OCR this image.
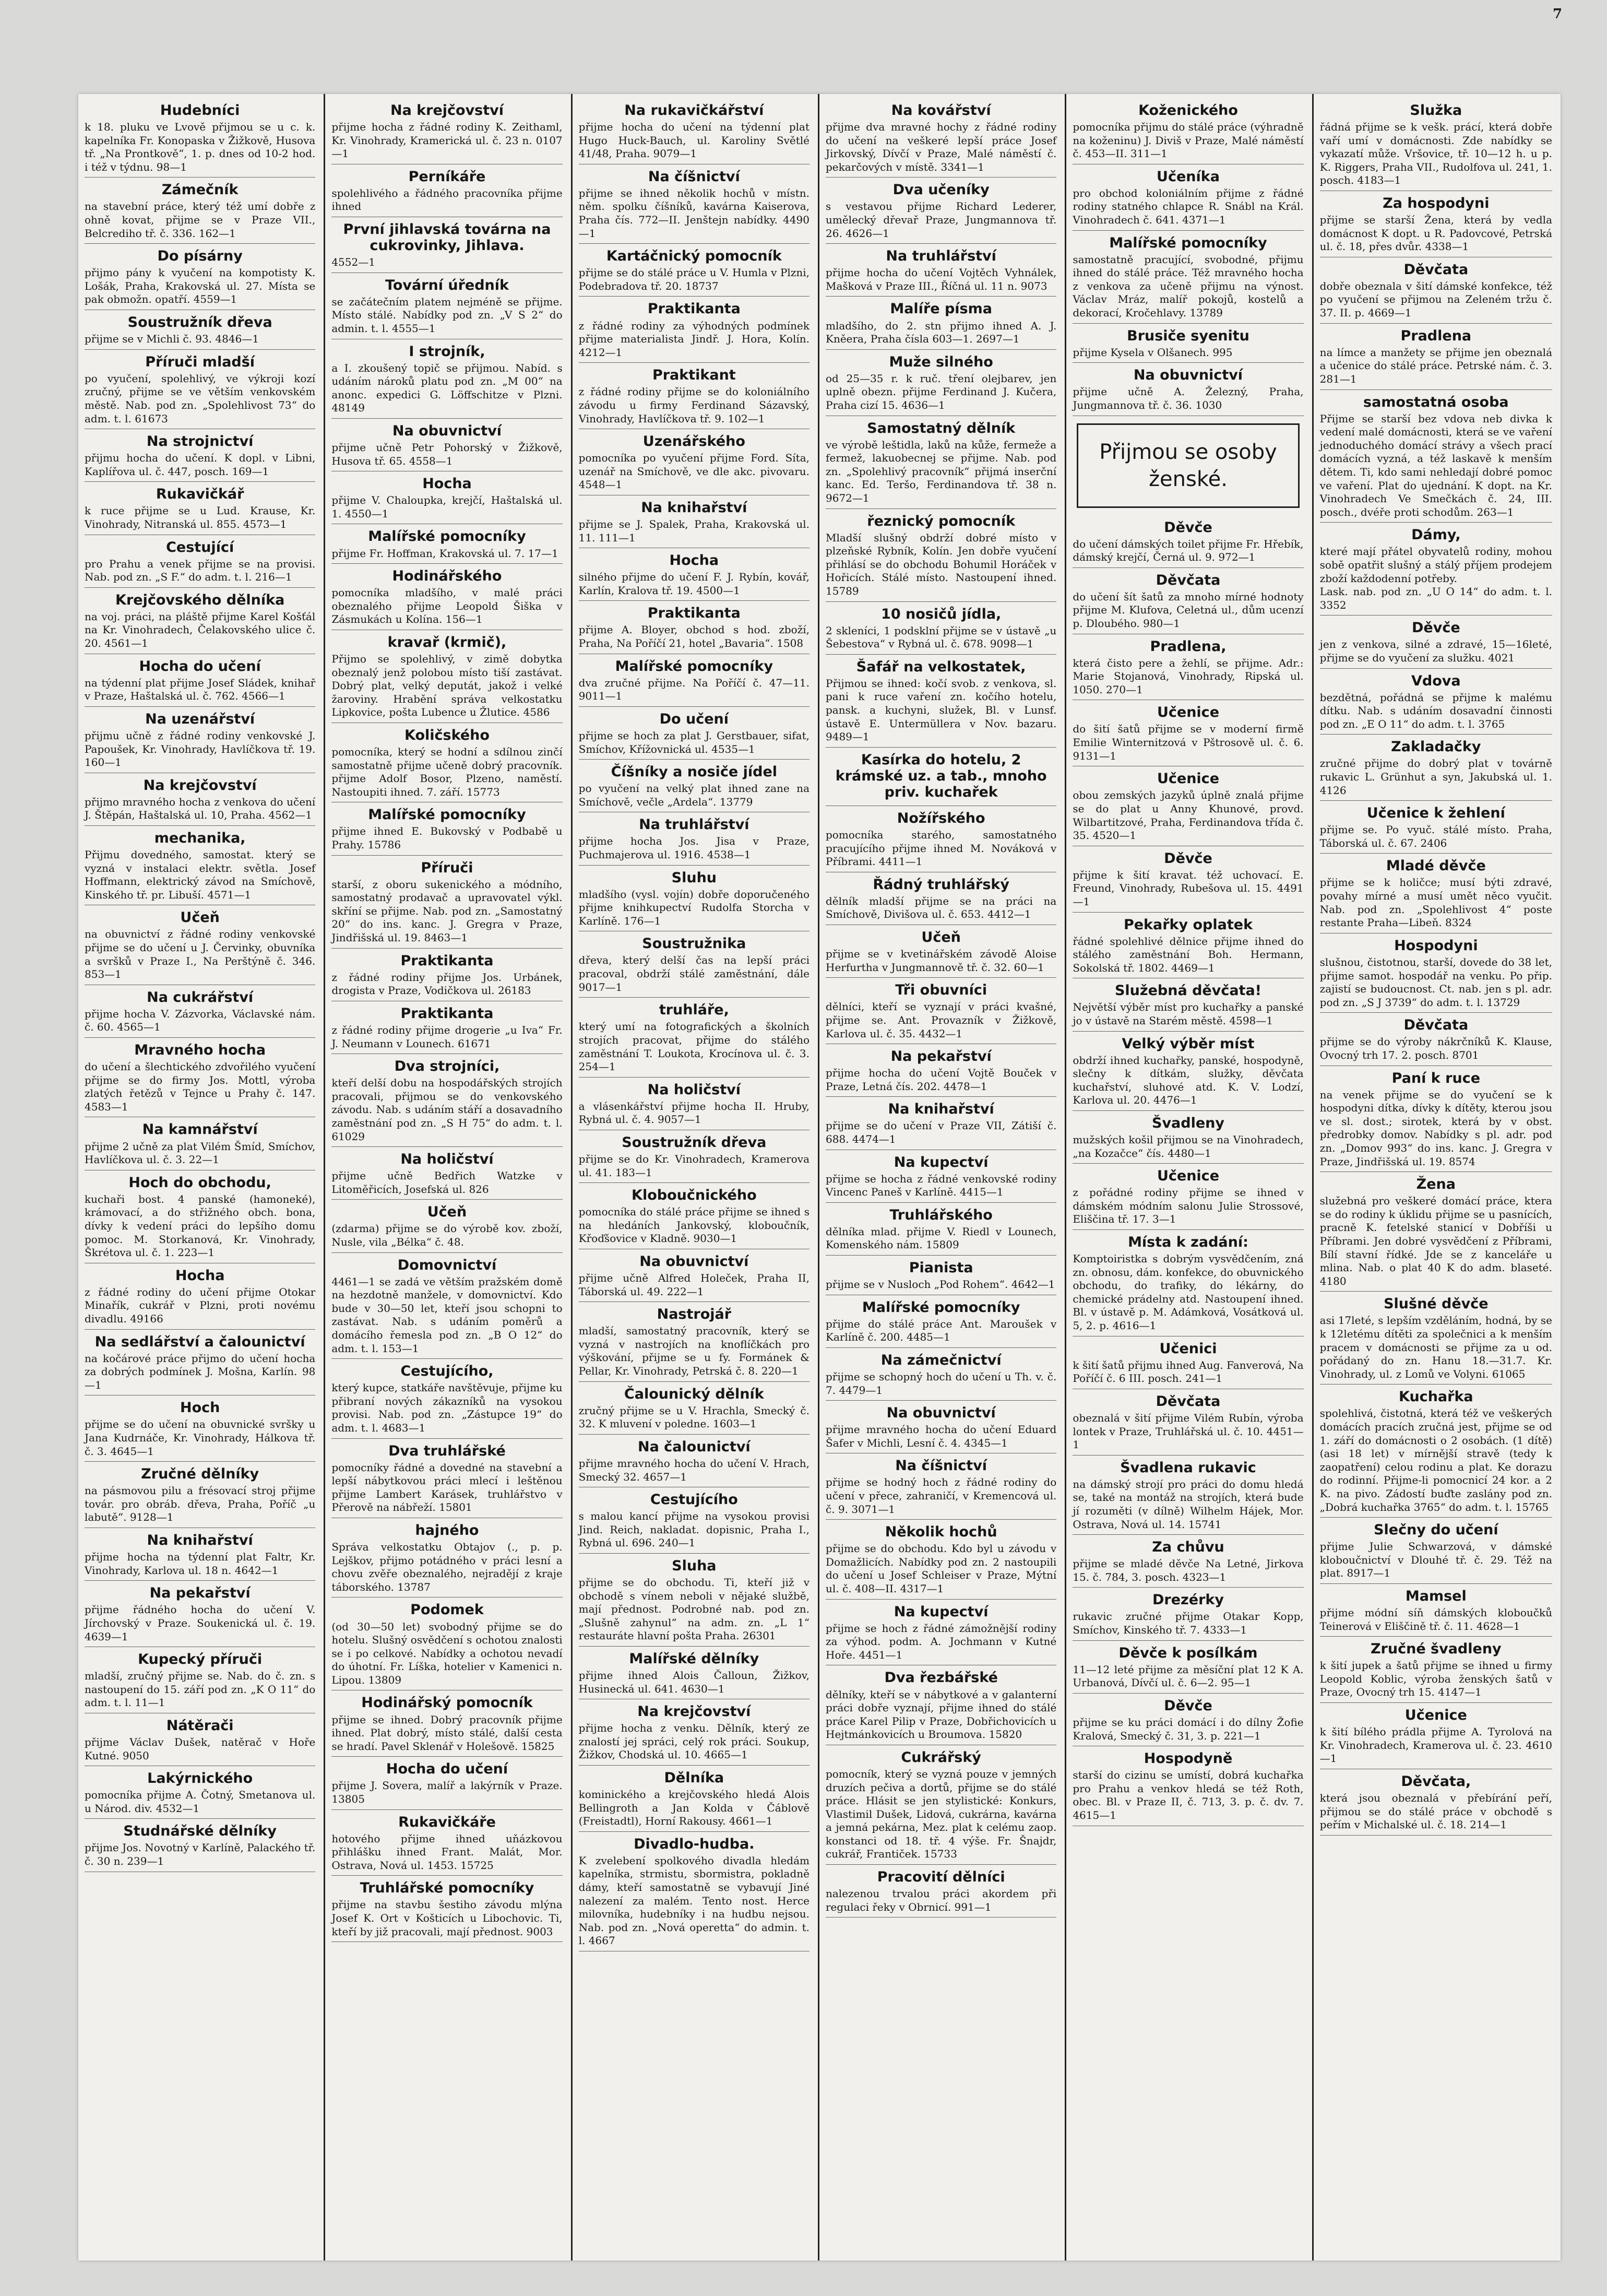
Hudebníci
k 18. pluku ve Lvově přijmou se u c. k. kapelníka Fr. Konopaska v Žižkově, Husova tř. „Na Prontkově“, 1. p. dnes od 10-2 hod. i též v týdnu. 98—1
Zámečník
na stavební práce, který též umí dobře z ohně kovat, přijme se v Praze VII., Belcrediho tř. č. 336. 162—1
Do písárny
přijmo pány k vyučení na kompotisty K. Lošák, Praha, Krakovská ul. 27. Místa se pak obmožn. opatří. 4559—1
Soustružník dřeva
přijme se v Michli č. 93. 4846—1
Příruči mladší
po vyučení, spolehlivý, ve výkroji kozí zručný, přijme se ve větším venkovském městě. Nab. pod zn. „Spolehlivost 73“ do adm. t. l. 61673
Na strojnictví
přijmu hocha do učení. K dopl. v Libni, Kaplířova ul. č. 447, posch. 169—1
Rukavičkář
k ruce přijme se u Lud. Krause, Kr. Vinohrady, Nitranská ul. 855. 4573—1
Cestující
pro Prahu a venek přijme se na provisi. Nab. pod zn. „S F.“ do adm. t. l. 216—1
Krejčovského dělníka
na voj. práci, na pláště přijme Karel Košťál na Kr. Vinohradech, Čelakovského ulice č. 20. 4561—1
Hocha do učení
na týdenní plat přijme Josef Sládek, knihař v Praze, Haštalská ul. č. 762. 4566—1
Na uzenářství
přijmu učně z řádné rodiny venkovské J. Papoušek, Kr. Vinohrady, Havlíčkova tř. 19. 160—1
Na krejčovství
přijmo mravného hocha z venkova do učení J. Štěpán, Haštalská ul. 10, Praha. 4562—1
mechanika,
Přijmu dovedného, samostat. který se vyzná v instalaci elektr. světla. Josef Hoffmann, elektrický závod na Smíchově, Kinského tř. pr. Libuší. 4571—1
Učeň
na obuvnictví z řádné rodiny venkovské přijme se do učení u J. Červinky, obuvníka a svršků v Praze I., Na Perštýně č. 346. 853—1
Na cukrářství
přijme hocha V. Zázvorka, Václavské nám. č. 60. 4565—1
Mravného hocha
do učení a šlechtického zdvořilého vyučení přijme se do firmy Jos. Mottl, výroba zlatých řetězů v Tejnce u Prahy č. 147. 4583—1
Na kamnářství
přijme 2 učně za plat Vilém Šmíd, Smíchov, Havlíčkova ul. č. 3. 22—1
Hoch do obchodu,
kuchaři bost. 4 panské (hamoneké), krámovací, a do střižného obch. bona, dívky k vedení práci do lepšího domu pomoc. M. Storkanová, Kr. Vinohrady, Škrétova ul. č. 1. 223—1
Hocha
z řádné rodiny do učení přijme Otokar Minařík, cukrář v Plzni, proti novému divadlu. 49166
Na sedlářství a čalounictví
na kočárové práce přijmo do učení hocha za dobrých podmínek J. Mošna, Karlín. 98—1
Hoch
přijme se do učení na obuvnické svršky u Jana Kudrnáče, Kr. Vinohrady, Hálkova tř. č. 3. 4645—1
Zručné dělníky
na pásmovou pilu a frésovací stroj přijme továr. pro obráb. dřeva, Praha, Poříč „u labutě“. 9128—1
Na knihařství
přijme hocha na týdenní plat Faltr, Kr. Vinohrady, Karlova ul. 18 n. 4642—1
Na pekařství
přijme řádného hocha do učení V. Jírchovský v Praze. Soukenická ul. č. 19. 4639—1
Kupecký příruči
mladší, zručný přijme se. Nab. do č. zn. s nastoupení do 15. září pod zn. „K O 11“ do adm. t. l. 11—1
Nátěrači
přijme Václav Dušek, natěrač v Hoře Kutné. 9050
Lakýrnického
pomocníka přijme A. Čotný, Smetanova ul. u Národ. div. 4532—1
Studnářské dělníky
přijme Jos. Novotný v Karlíně, Palackého tř. č. 30 n. 239—1
Na krejčovství
přijme hocha z řádné rodiny K. Zeithaml, Kr. Vinohrady, Kramerická ul. č. 23 n. 0107—1
Perníkáře
spolehlivého a řádného pracovníka přijme ihned
První jihlavská továrna na cukrovinky, Jihlava.
4552—1
Tovární úředník
se začátečním platem nejméně se přijme. Místo stálé. Nabídky pod zn. „V S 2“ do admin. t. l. 4555—1
I strojník,
a I. zkoušený topič se přijmou. Nabíd. s udáním nároků platu pod zn. „M 00“ na anonc. expedici G. Löffschitze v Plzni. 48149
Na obuvnictví
přijme učně Petr Pohorský v Žižkově, Husova tř. 65. 4558—1
Hocha
přijme V. Chaloupka, krejčí, Haštalská ul. 1. 4550—1
Malířské pomocníky
přijme Fr. Hoffman, Krakovská ul. 7. 17—1
Hodinářského
pomocníka mladšího, v malé práci obeznalého přijme Leopold Šiška v Zásmukách u Kolína. 156—1
kravař (krmič),
Přijmo se spolehlivý, v zimě dobytka obeznalý jenž polobou místo tiší zastávat. Dobrý plat, velký deputát, jakož i velké žaroviny. Hrabění správa velkostatku Lipkovice, pošta Lubence u Žlutice. 4586
Količského
pomocníka, který se hodní a sdílnou zinčí samostatně přijme učeně dobrý pracovník. přijme Adolf Bosor, Plzeno, naměstí. Nastoupiti ihned. 7. září. 15773
Malířské pomocníky
přijme ihned E. Bukovský v Podbabě u Prahy. 15786
Příruči
starší, z oboru sukenického a módního, samostatný prodavač a upravovatel výkl. skříní se přijme. Nab. pod zn. „Samostatný 20“ do ins. kanc. J. Gregra v Praze, Jindřišská ul. 19. 8463—1
Praktikanta
z řádné rodiny přijme Jos. Urbánek, drogista v Praze, Vodičkova ul. 26183
Praktikanta
z řádné rodiny přijme drogerie „u Iva“ Fr. J. Neumann v Lounech. 61671
Dva strojníci,
kteří delší dobu na hospodářských strojích pracovali, přijmou se do venkovského závodu. Nab. s udáním stáří a dosavadního zaměstnání pod zn. „S H 75“ do adm. t. l. 61029
Na holičství
přijme učně Bedřich Watzke v Litoměřicích, Josefská ul. 826
Učeň
(zdarma) přijme se do výrobě kov. zboží, Nusle, vila „Bélka“ č. 48.
Domovnictví
4461—1 se zadá ve větším pražském domě na hezdotně manžele, v domovnictví. Kdo bude v 30—50 let, kteří jsou schopni to zastávat. Nab. s udáním poměrů a domácího řemesla pod zn. „B O 12“ do adm. t. l. 153—1
Cestujícího,
který kupce, statkáře navštěvuje, přijme ku přibraní nových zákazníků na vysokou provisi. Nab. pod zn. „Zástupce 19“ do adm. t. l. 4683—1
Dva truhlářské
pomocníky řádné a dovedné na stavební a lepší nábytkovou práci mlecí i leštěnou přijme Lambert Karásek, truhlářstvo v Přerově na nábřeží. 15801
hajného
Správa velkostatku Obtajov (., p. p. Lejškov, přijmo potádného v práci lesní a chovu zvěře obeznalého, nejradějí z kraje táborského. 13787
Podomek
(od 30—50 let) svobodný přijme se do hotelu. Slušný osvědčení s ochotou znalosti se i po celkové. Nabídky a ochotou nevadí do úhotní. Fr. Líška, hotelier v Kamenici n. Lipou. 13809
Hodinářský pomocník
přijme se ihned. Dobrý pracovník přijme ihned. Plat dobrý, místo stálé, další cesta se hradí. Pavel Sklenář v Holešově. 15825
Hocha do učení
přijme J. Sovera, malíř a lakýrník v Praze. 13805
Rukavičkáře
hotového přijme ihned uňázkovou přihlášku ihned Frant. Malát, Mor. Ostrava, Nová ul. 1453. 15725
Truhlářské pomocníky
přijme na stavbu šestiho závodu mlýna Josef K. Ort v Košticích u Libochovic. Ti, kteří by již pracovali, mají přednost. 9003
Na rukavičkářství
přijme hocha do učení na týdenní plat Hugo Huck-Bauch, ul. Karoliny Světlé 41/48, Praha. 9079—1
Na číšnictví
přijme se ihned několik hochů v místn. něm. spolku číšníků, kavárna Kaiserova, Praha čís. 772—II. Jenštejn nabídky. 4490—1
Kartáčnický pomocník
přijme se do stálé práce u V. Humla v Plzni, Podebradova tř. 20. 18737
Praktikanta
z řádné rodiny za výhodných podmínek přijme materialista Jindř. J. Hora, Kolín. 4212—1
Praktikant
z řádné rodiny přijme se do koloniálního závodu u firmy Ferdinand Sázavský, Vinohrady, Havlíčkova tř. 9. 102—1
Uzenářského
pomocníka po vyučení přijme Ford. Síta, uzenář na Smíchově, ve dle akc. pivovaru. 4548—1
Na knihařství
přijme se J. Spalek, Praha, Krakovská ul. 11. 111—1
Hocha
silného přijme do učení F. J. Rybín, kovář, Karlín, Kralova tř. 19. 4500—1
Praktikanta
přijme A. Bloyer, obchod s hod. zboží, Praha, Na Poříčí 21, hotel „Bavaria“. 1508
Malířské pomocníky
dva zručné přijme. Na Poříčí č. 47—11. 9011—1
Do učení
přijme se hoch za plat J. Gerstbauer, sifat, Smíchov, Křížovnická ul. 4535—1
Číšníky a nosiče jídel
po vyučení na velký plat ihned zane na Smíchově, večle „Ardela“. 13779
Na truhlářství
přijme hocha Jos. Jisa v Praze, Puchmajerova ul. 1916. 4538—1
Sluhu
mladšího (vysl. vojín) dobře doporučeného přijme knihkupectví Rudolfa Storcha v Karlíně. 176—1
Soustružnika
dřeva, který delší čas na lepší práci pracoval, obdrží stálé zaměstnání, dále 9017—1
truhláře,
který umí na fotografických a školních strojích pracovat, přijme do stálého zaměstnání T. Loukota, Krocínova ul. č. 3. 254—1
Na holičství
a vlásenkářství přijme hocha II. Hruby, Rybná ul. č. 4. 9057—1
Soustružník dřeva
přijme se do Kr. Vinohradech, Kramerova ul. 41. 183—1
Kloboučnického
pomocníka do stálé práce přijme se ihned s na hledáních Jankovský, kloboučník, Křoďšovice v Kladně. 9030—1
Na obuvnictví
přijme učně Alfred Holeček, Praha II, Táborská ul. 49. 222—1
Nastrojář
mladší, samostatný pracovník, který se vyzná v nastrojích na knoflíčkách pro výškování, přijme se u fy. Formánek & Pellar, Kr. Vinohrady, Petrská č. 8. 220—1
Čalounický dělník
zručný přijme se u V. Hrachla, Smecký č. 32. K mluvení v poledne. 1603—1
Na čalounictví
přijme mravného hocha do učení V. Hrach, Smecký 32. 4657—1
Cestujícího
s malou kancí přijme na vysokou provisi Jind. Reich, nakladat. dopisnic, Praha I., Rybná ul. 696. 240—1
Sluha
přijme se do obchodu. Ti, kteří již v obchodě s vínem neboli v nějaké službě, mají přednost. Podrobné nab. pod zn. „Slušně zahynul“ na adm. zn. „L 1“ restauráte hlavní pošta Praha. 26301
Malířské dělníky
přijme ihned Alois Čalloun, Žižkov, Husinecká ul. 641. 4630—1
Na krejčovství
přijme hocha z venku. Dělník, který ze znalostí jej spráci, celý rok práci. Soukup, Žižkov, Chodská ul. 10. 4665—1
Dělníka
kominického a krejčovského hledá Alois Bellingroth a Jan Kolda v Čáblově (Freistadtl), Horní Rakousy. 4661—1
Divadlo-hudba.
K zvelebení spolkového divadla hledám kapelníka, strmistu, sbormistra, pokladně dámy, kteří samostatně se vybavují Jiné nalezení za malém. Tento nost. Herce milovníka, hudebníky i na hudbu nejsou. Nab. pod zn. „Nová operetta“ do admin. t. l. 4667
Na kovářství
přijme dva mravné hochy z řádné rodiny do učení na veškeré lepší práce Josef Jirkovský, Dívčí v Praze, Malé náměstí č. pekarčových v místě. 3341—1
Dva učeníky
s vestavou přijme Richard Lederer, umělecký dřevař Praze, Jungmannova tř. 26. 4626—1
Na truhlářství
přijme hocha do učení Vojtěch Vyhnálek, Mašková v Praze III., Říčná ul. 11 n. 9073
Malíře písma
mladšího, do 2. stn přijmo ihned A. J. Kněera, Praha čísla 603—1. 2697—1
Muže silného
od 25—35 r. k ruč. tření olejbarev, jen uplně obezn. přijme Ferdinand J. Kučera, Praha cizí 15. 4636—1
Samostatný dělník
ve výrobě leštidla, laků na kůže, fermeže a fermež, lakuobecnej se přijme. Nab. pod zn. „Spolehlivý pracovník“ přijmá inserční kanc. Ed. Teršo, Ferdinandova tř. 38 n. 9672—1
řeznický pomocník
Mladší slušný obdrží dobré místo v plzeňské Rybník, Kolín. Jen dobře vyučení přihlásí se do obchodu Bohumil Horáček v Hořicích. Stálé místo. Nastoupení ihned. 15789
10 nosičů jídla,
2 skleníci, 1 podsklní přijme se v ústavě „u Šebestova“ v Rybná ul. č. 678. 9098—1
Šafář na velkostatek,
Přijmou se ihned: kočí svob. z venkova, sl. pani k ruce vaření zn. kočího hotelu, pansk. a kuchyni, služek, Bl. v Lunsf. ústavě E. Untermüllera v Nov. bazaru. 9489—1
Kasírka do hotelu, 2 krámské uz. a tab., mnoho priv. kuchařek
Nožířského
pomocníka starého, samostatného pracujícího přijme ihned M. Nováková v Příbrami. 4411—1
Řádný truhlářský
dělník mladší přijme se na práci na Smíchově, Divišova ul. č. 653. 4412—1
Učeň
přijme se v kvetinářském závodě Aloise Herfurtha v Jungmannově tř. č. 32. 60—1
Tři obuvníci
dělníci, kteří se vyznají v práci kvašné, přijme se. Ant. Provazník v Žižkově, Karlova ul. č. 35. 4432—1
Na pekařství
přijme hocha do učení Vojtě Bouček v Praze, Letná čís. 202. 4478—1
Na knihařství
přijme se do učení v Praze VII, Zátiší č. 688. 4474—1
Na kupectví
přijme se hocha z řádné venkovské rodiny Vincenc Paneš v Karlíně. 4415—1
Truhlářského
dělníka mlad. přijme V. Riedl v Lounech, Komenského nám. 15809
Pianista
přijme se v Nusloch „Pod Rohem“. 4642—1
Malířské pomocníky
přijme do stálé práce Ant. Maroušek v Karlíně č. 200. 4485—1
Na zámečnictví
přijme se schopný hoch do učení u Th. v. č. 7. 4479—1
Na obuvnictví
přijme mravného hocha do učení Eduard Šafer v Michli, Lesní č. 4. 4345—1
Na číšnictví
přijme se hodný hoch z řádné rodiny do učení v přece, zahraničí, v Kremencová ul. č. 9. 3071—1
Několik hochů
přijme se do obchodu. Kdo byl u závodu v Domažlicích. Nabídky pod zn. 2 nastoupili do učení u Josef Schleiser v Praze, Mýtní ul. č. 408—II. 4317—1
Na kupectví
přijme se hoch z řádné zámožnější rodiny za výhod. podm. A. Jochmann v Kutné Hoře. 4451—1
Dva řezbářské
dělníky, kteří se v nábytkové a v galanterní práci dobře vyznají, přijme ihned do stálé práce Karel Pilip v Praze, Dobřichovicích u Hejtmánkovicích u Broumova. 15820
Cukrářský
pomocník, který se vyzná pouze v jemných druzích pečiva a dortů, přijme se do stálé práce. Hlásit se jen stylistické: Konkurs, Vlastimil Dušek, Lidová, cukrárna, kavárna a jemná pekárna, Mez. plat k celému zaop. konstanci od 18. tř. 4 výše. Fr. Šnajdr, cukrář, Frantiček. 15733
Pracovití dělníci
nalezenou trvalou práci akordem při regulaci řeky v Obrnicí. 991—1
Koženického
pomocníka přijmu do stálé práce (výhradně na koženinu) J. Diviš v Praze, Malé náměstí č. 453—II. 311—1
Učeníka
pro obchod koloniálním přijme z řádné rodiny statného chlapce R. Snábl na Král. Vinohradech č. 641. 4371—1
Malířské pomocníky
samostatně pracující, svobodné, přijmu ihned do stálé práce. Též mravného hocha z venkova za učeně přijmu na výnost. Václav Mráz, malíř pokojů, kostelů a dekorací, Kročehlavy. 13789
Brusiče syenitu
přijme Kysela v Olšanech. 995
Na obuvnictví
přijme učně A. Železný, Praha, Jungmannova tř. č. 36. 1030
Přijmou se osoby ženské.
Děvče
do učení dámských toilet přijme Fr. Hřebík, dámský krejčí, Černá ul. 9. 972—1
Děvčata
do učení šít šatů za mnoho mírné hodnoty přijme M. Klufova, Celetná ul., dům ucenzí p. Dloubého. 980—1
Pradlena,
která čisto pere a žehlí, se přijme. Adr.: Marie Stojanová, Vinohrady, Ripská ul. 1050. 270—1
Učenice
do šití šatů přijme se v moderní firmě Emilie Winternitzová v Pštrosově ul. č. 6. 9131—1
Učenice
obou zemských jazyků úplně znalá přijme se do plat u Anny Khunové, provd. Wilbartitzové, Praha, Ferdinandova třída č. 35. 4520—1
Děvče
přijme k šití kravat. též uchovací. E. Freund, Vinohrady, Rubešova ul. 15. 4491—1
Pekařky oplatek
řádné spolehlivé dělnice přijme ihned do stálého zaměstnání Boh. Hermann, Sokolská tř. 1802. 4469—1
Služebná děvčata!
Největší výběr míst pro kuchařky a panské jo v ústavě na Starém městě. 4598—1
Velký výběr míst
obdrží ihned kuchařky, panské, hospodyně, slečny k dítkám, služky, děvčata kuchařství, sluhové atd. K. V. Lodzí, Karlova ul. 20. 4476—1
Švadleny
mužských košil přijmou se na Vinohradech, „na Kozačce“ čís. 4480—1
Učenice
z pořádné rodiny přijme se ihned v dámském módním salonu Julie Strossové, Eliščina tř. 17. 3—1
Místa k zadání:
Komptoiristka s dobrým vysvědčením, zná zn. obnosu, dám. konfekce, do obuvnického obchodu, do trafiky, do lékárny, do chemické prádelny atd. Nastoupení ihned. Bl. v ústavě p. M. Adámková, Vosátková ul. 5, 2. p. 4616—1
Učenici
k šití šatů přijmu ihned Aug. Fanverová, Na Poříčí č. 6 III. posch. 241—1
Děvčata
obeznalá v šití přijme Vilém Rubín, výroba lontek v Praze, Truhlářská ul. č. 10. 4451—1
Švadlena rukavic
na dámský strojí pro práci do domu hledá se, také na montáž na strojích, která bude jí rozuměti (v dílně) Wilhelm Hájek, Mor. Ostrava, Nová ul. 14. 15741
Za chůvu
přijme se mladé děvče Na Letné, Jirkova 15. č. 784, 3. posch. 4323—1
Drezérky
rukavic zručné přijme Otakar Kopp, Smíchov, Kinského tř. 7. 4333—1
Děvče k posílkám
11—12 leté přijme za měsíční plat 12 K A. Urbanová, Dívčí ul. č. 6—2. 95—1
Děvče
přijme se ku práci domácí i do dílny Žofie Kralová, Smecký č. 31, 3. p. 221—1
Hospodyně
starší do cizinu se umístí, dobrá kuchařka pro Prahu a venkov hledá se též Roth, obec. Bl. v Praze II, č. 713, 3. p. č. dv. 7. 4615—1
Služka
řádná přijme se k vešk. prácí, která dobře vaří umí v domácnosti. Zde nabídky se vykazatí může. Vršovice, tř. 10—12 h. u p. K. Riggers, Praha VII., Rudolfova ul. 241, 1. posch. 4183—1
Za hospodyni
přijme se starší Žena, která by vedla domácnost K dopt. u R. Padovcové, Petrská ul. č. 18, přes dvůr. 4338—1
Děvčata
dobře obeznala v šití dámské konfekce, též po vyučení se přijmou na Zeleném tržu č. 37. II. p. 4669—1
Pradlena
na límce a manžety se přijme jen obeznalá a učenice do stálé práce. Petrské nám. č. 3. 281—1
samostatná osoba
Přijme se starší bez vdova neb divka k vedení malé domácnosti, která se ve vaření jednoduchého domácí strávy a všech prací domácích vyzná, a též laskavě k menším dětem. Ti, kdo sami nehledají dobré pomoc ve vaření. Plat do ujednání. K dopt. na Kr. Vinohradech Ve Smečkách č. 24, III. posch., dvéře proti schodům. 263—1
Dámy,
které mají přátel obyvatelů rodiny, mohou sobě opatřit slušný a stálý příjem prodejem zboží každodenní potřeby.
Lask. nab. pod zn. „U O 14“ do adm. t. l. 3352
Děvče
jen z venkova, silné a zdravé, 15—16leté, přijme se do vyučení za služku. 4021
Vdova
bezdětná, pořádná se přijme k malému dítku. Nab. s udáním dosavadní činnosti pod zn. „E O 11“ do adm. t. l. 3765
Zakladačky
zručné přijme do dobrý plat v továrně rukavic L. Grünhut a syn, Jakubská ul. 1. 4126
Učenice k žehlení
přijme se. Po vyuč. stálé místo. Praha, Táborská ul. č. 67. 2406
Mladé děvče
přijme se k holičce; musí býti zdravé, povahy mírné a musí umět něco vyučit. Nab. pod zn. „Spolehlivost 4“ poste restante Praha—Libeň. 8324
Hospodyni
slušnou, čistotnou, starší, dovede do 38 let, přijme samot. hospodář na venku. Po přip. zajistí se budoucnost. Ct. nab. jen s pl. adr. pod zn. „S J 3739“ do adm. t. l. 13729
Děvčata
přijme se do výroby nákrčníků K. Klause, Ovocný trh 17. 2. posch. 8701
Paní k ruce
na venek přijme se do vyučení se k hospodyni dítka, dívky k dítěty, kterou jsou ve sl. dost.; sirotek, která by v obst. předrobky domov. Nabídky s pl. adr. pod zn. „Domov 993“ do ins. kanc. J. Gregra v Praze, Jindřišská ul. 19. 8574
Žena
služebná pro veškeré domácí práce, ktera se do rodiny k úklidu přijme se u pasnících, pracně K. fetelské stanicí v Dobříši u Příbrami. Jen dobré vysvědčení z Příbrami, Bílí stavní řídké. Jde se z kanceláře u mlina. Nab. o plat 40 K do adm. blaseté. 4180
Slušné děvče
asi 17leté, s lepším vzděláním, hodná, by se k 12letému dítěti za společnici a k menším pracem v domácnosti se přijme za u od. pořádaný do zn. Hanu 18.—31.7. Kr. Vinohrady, ul. z Lomů ve Volyni. 61065
Kuchařka
spolehlivá, čistotná, která též ve veškerých domácích pracích zručná jest, přijme se od 1. září do domácnosti o 2 osobách. (1 dítě) (asi 18 let) v mírnější stravě (tedy k zaopatření) celou rodinu a plat. Ke dorazu do rodinní. Přijme-li pomocnicí 24 kor. a 2 K. na pivo. Zádostí buďte zaslány pod zn. „Dobrá kuchařka 3765“ do adm. t. l. 15765
Slečny do učení
přijme Julie Schwarzová, v dámské kloboučnictví v Dlouhé tř. č. 29. Též na plat. 8917—1
Mamsel
přijme módní síň dámských kloboučků Teinerová v Eliščině tř. č. 11. 4628—1
Zručné švadleny
k šití jupek a šatů přijme se ihned u firmy Leopold Koblic, výroba ženských šatů v Praze, Ovocný trh 15. 4147—1
Učenice
k šití bílého prádla přijme A. Tyrolová na Kr. Vinohradech, Kramerova ul. č. 23. 4610—1
Děvčata,
která jsou obeznalá v přebírání peří, přijmou se do stálé práce v obchodě s peřím v Michalské ul. č. 18. 214—1
7
